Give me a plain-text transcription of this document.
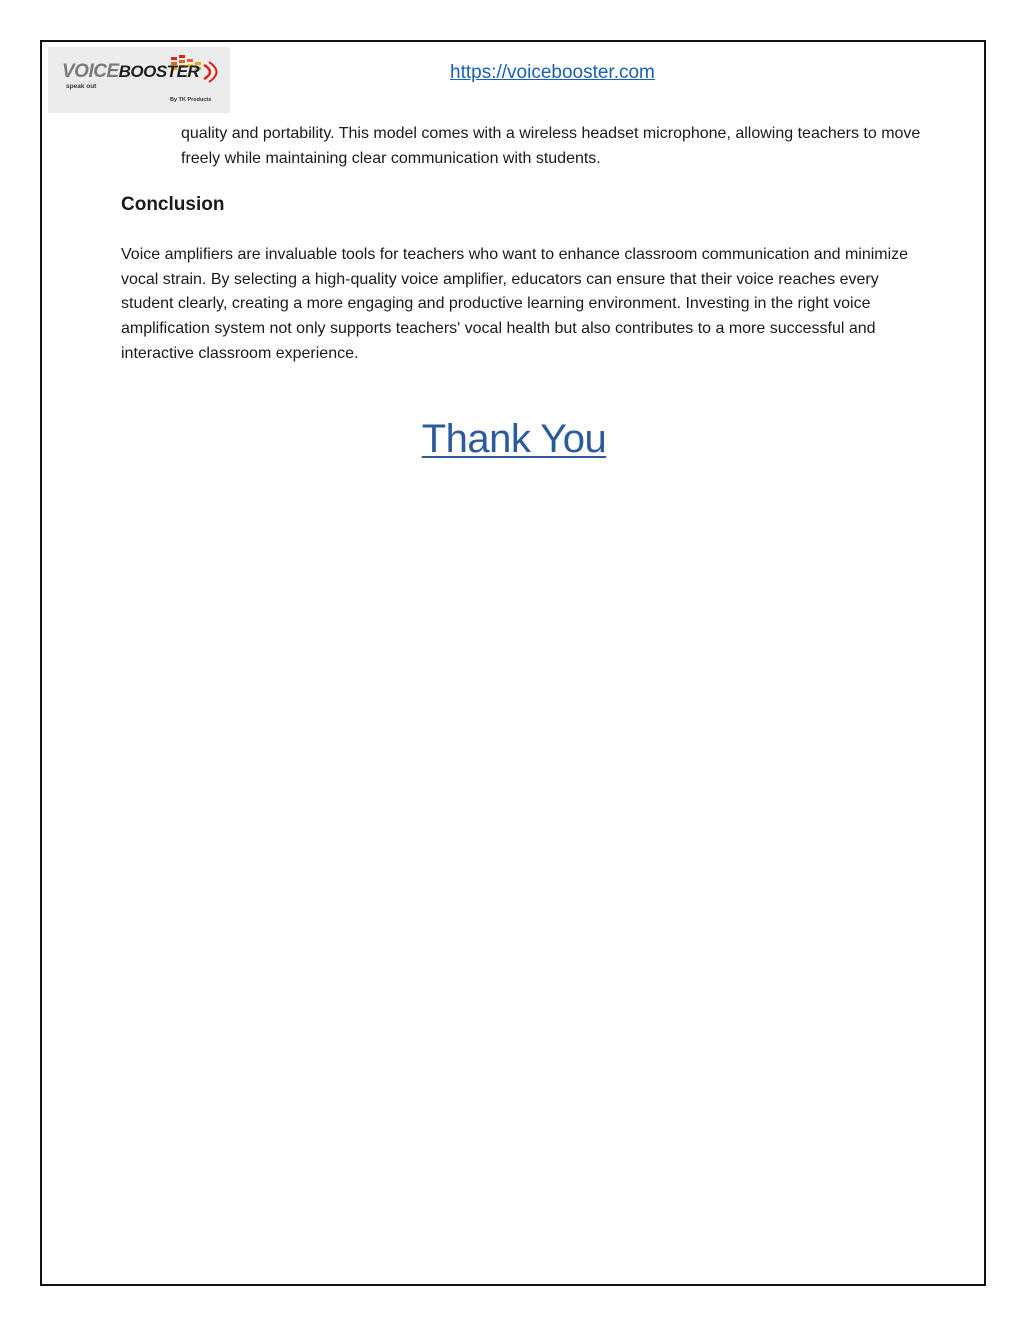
VOICEBOOSTER
speak out
By TK Products
https://voicebooster.com

quality and portability. This model comes with a wireless headset microphone, allowing teachers to move freely while maintaining clear communication with students.

Conclusion

Voice amplifiers are invaluable tools for teachers who want to enhance classroom communication and minimize vocal strain. By selecting a high-quality voice amplifier, educators can ensure that their voice reaches every student clearly, creating a more engaging and productive learning environment. Investing in the right voice amplification system not only supports teachers' vocal health but also contributes to a more successful and interactive classroom experience.

Thank You
